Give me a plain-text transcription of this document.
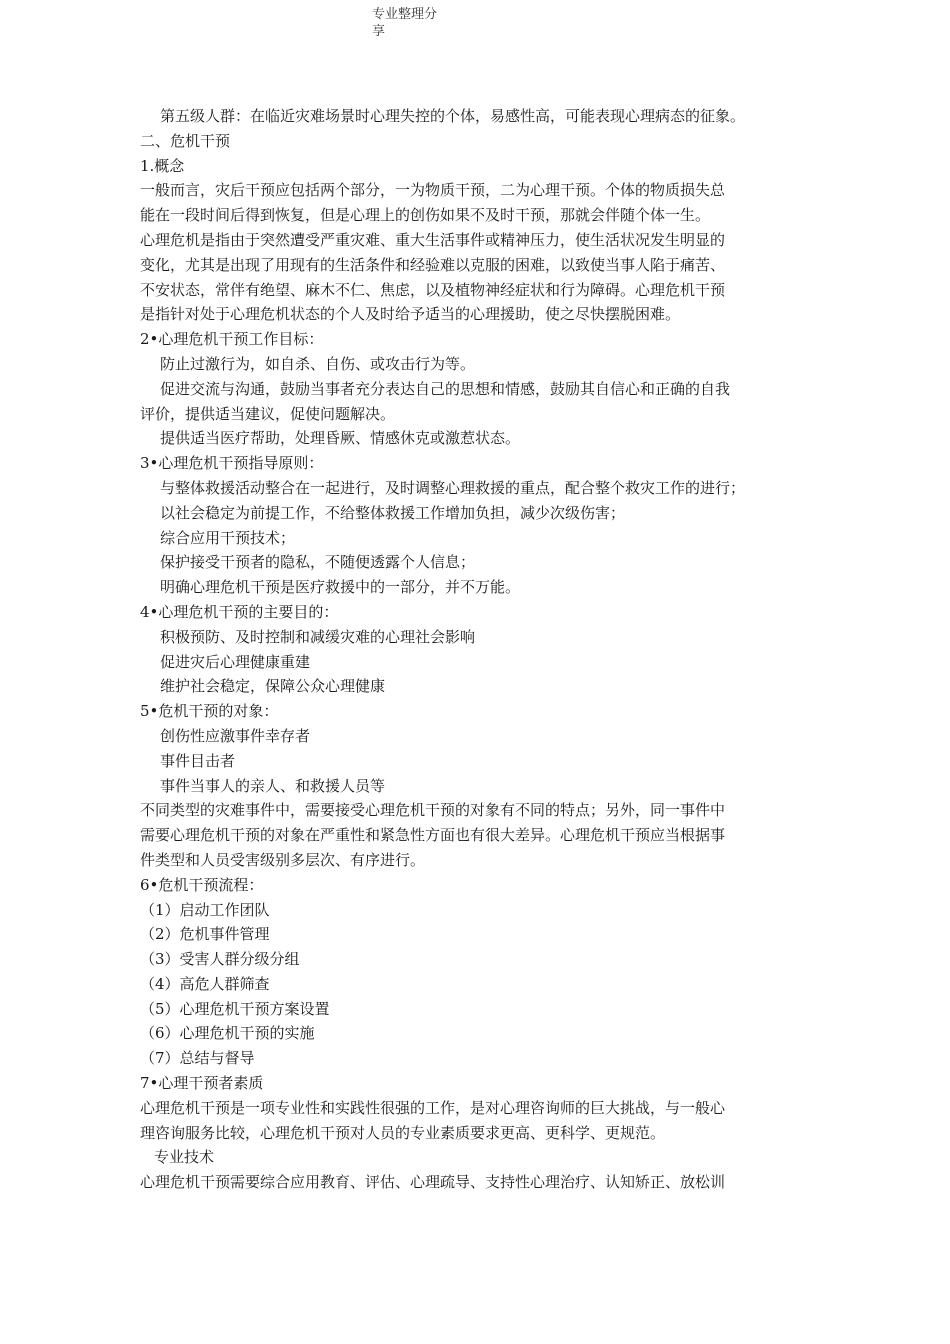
专业整理分
享
第五级人群：在临近灾难场景时心理失控的个体，易感性高，可能表现心理病态的征象。
二、危机干预
1.概念
一般而言，灾后干预应包括两个部分，一为物质干预，二为心理干预。个体的物质损失总
能在一段时间后得到恢复，但是心理上的创伤如果不及时干预，那就会伴随个体一生。
心理危机是指由于突然遭受严重灾难、重大生活事件或精神压力，使生活状况发生明显的
变化，尤其是出现了用现有的生活条件和经验难以克服的困难，以致使当事人陷于痛苦、
不安状态，常伴有绝望、麻木不仁、焦虑，以及植物神经症状和行为障碍。心理危机干预
是指针对处于心理危机状态的个人及时给予适当的心理援助，使之尽快摆脱困难。
2•心理危机干预工作目标：
防止过激行为，如自杀、自伤、或攻击行为等。
促进交流与沟通，鼓励当事者充分表达自己的思想和情感，鼓励其自信心和正确的自我
评价，提供适当建议，促使问题解决。
提供适当医疗帮助，处理昏厥、情感休克或激惹状态。
3•心理危机干预指导原则：
与整体救援活动整合在一起进行，及时调整心理救援的重点，配合整个救灾工作的进行；
以社会稳定为前提工作，不给整体救援工作增加负担，减少次级伤害；
综合应用干预技术；
保护接受干预者的隐私，不随便透露个人信息；
明确心理危机干预是医疗救援中的一部分，并不万能。
4•心理危机干预的主要目的：
积极预防、及时控制和减缓灾难的心理社会影响
促进灾后心理健康重建
维护社会稳定，保障公众心理健康
5•危机干预的对象：
创伤性应激事件幸存者
事件目击者
事件当事人的亲人、和救援人员等
不同类型的灾难事件中，需要接受心理危机干预的对象有不同的特点；另外，同一事件中
需要心理危机干预的对象在严重性和紧急性方面也有很大差异。心理危机干预应当根据事
件类型和人员受害级别多层次、有序进行。
6•危机干预流程：
（1）启动工作团队
（2）危机事件管理
（3）受害人群分级分组
（4）高危人群筛查
（5）心理危机干预方案设置
（6）心理危机干预的实施
（7）总结与督导
7•心理干预者素质
心理危机干预是一项专业性和实践性很强的工作，是对心理咨询师的巨大挑战，与一般心
理咨询服务比较，心理危机干预对人员的专业素质要求更高、更科学、更规范。
专业技术
心理危机干预需要综合应用教育、评估、心理疏导、支持性心理治疗、认知矫正、放松训
